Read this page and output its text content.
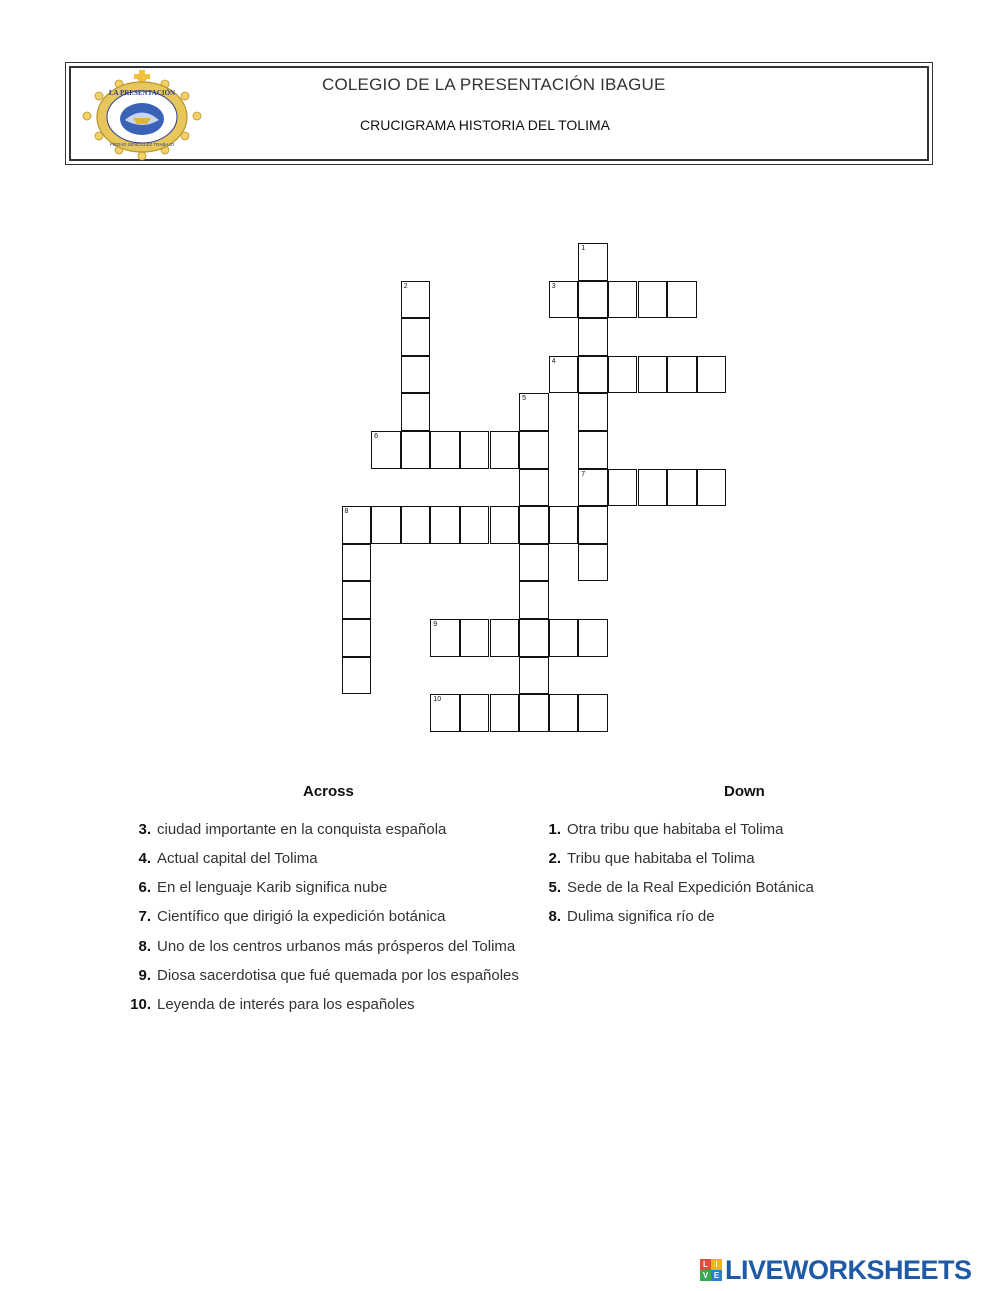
LA PRESENTACIÓN
PIEDAD SENCILLEZ TRABAJO
COLEGIO DE LA PRESENTACIÓN IBAGUE
CRUCIGRAMA HISTORIA DEL TOLIMA
1
7
2	3
4
5
6
8
9
10
Across	Down
3. ciudad importante en la conquista española
4. Actual capital del Tolima
6. En el lenguaje Karib significa nube
7. Científico que dirigió la expedición botánica
8. Uno de los centros urbanos más prósperos del Tolima
9. Diosa sacerdotisa que fué quemada por los españoles
10. Leyenda de interés para los españoles
1. Otra tribu que habitaba el Tolima
2. Tribu que habitaba el Tolima
5. Sede de la Real Expedición Botánica
8. Dulima significa río de
L I
V E LIVEWORKSHEETS
